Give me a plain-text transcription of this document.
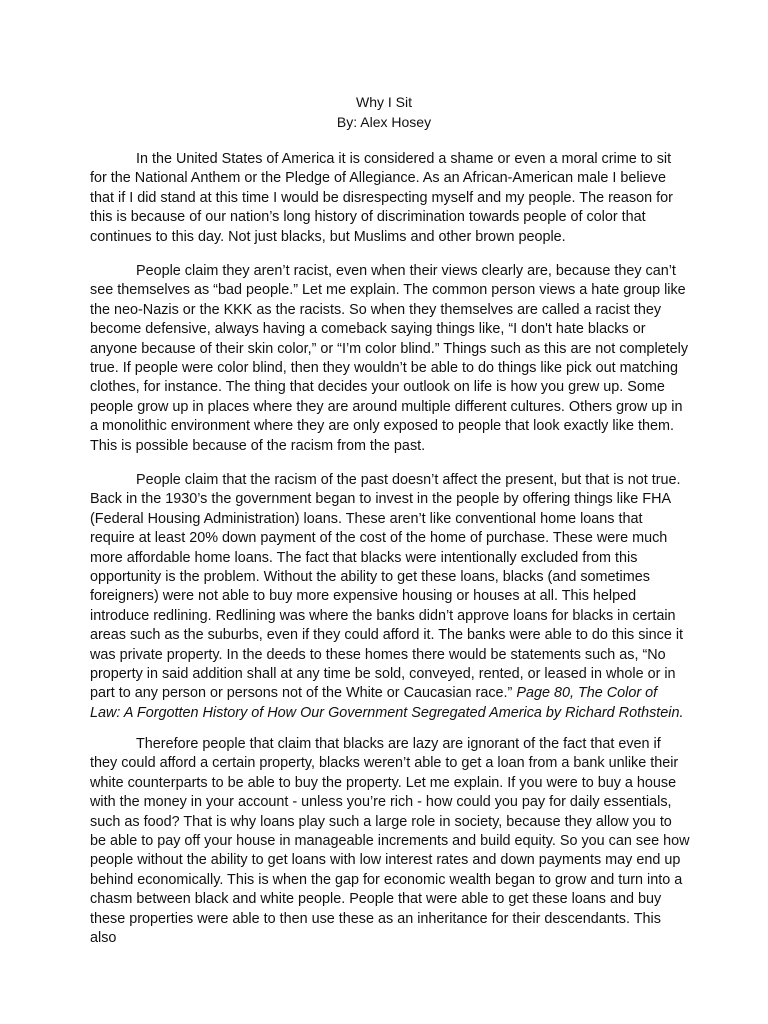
Why I Sit
By: Alex Hosey

In the United States of America it is considered a shame or even a moral crime to sit for the National Anthem or the Pledge of Allegiance. As an African-American male I believe that if I did stand at this time I would be disrespecting myself and my people. The reason for this is because of our nation’s long history of discrimination towards people of color that continues to this day. Not just blacks, but Muslims and other brown people.

People claim they aren’t racist, even when their views clearly are, because they can’t see themselves as “bad people.” Let me explain. The common person views a hate group like the neo-Nazis or the KKK as the racists. So when they themselves are called a racist they become defensive, always having a comeback saying things like, “I don't hate blacks or anyone because of their skin color,” or “I’m color blind.” Things such as this are not completely true. If people were color blind, then they wouldn’t be able to do things like pick out matching clothes, for instance. The thing that decides your outlook on life is how you grew up. Some people grow up in places where they are around multiple different cultures. Others grow up in a monolithic environment where they are only exposed to people that look exactly like them. This is possible because of the racism from the past.

People claim that the racism of the past doesn’t affect the present, but that is not true. Back in the 1930’s the government began to invest in the people by offering things like FHA (Federal Housing Administration) loans. These aren’t like conventional home loans that require at least 20% down payment of the cost of the home of purchase. These were much more affordable home loans. The fact that blacks were intentionally excluded from this opportunity is the problem. Without the ability to get these loans, blacks (and sometimes foreigners) were not able to buy more expensive housing or houses at all. This helped introduce redlining. Redlining was where the banks didn’t approve loans for blacks in certain areas such as the suburbs, even if they could afford it. The banks were able to do this since it was private property. In the deeds to these homes there would be statements such as, “No property in said addition shall at any time be sold, conveyed, rented, or leased in whole or in part to any person or persons not of the White or Caucasian race.” Page 80, The Color of Law: A Forgotten History of How Our Government Segregated America by Richard Rothstein.

Therefore people that claim that blacks are lazy are ignorant of the fact that even if they could afford a certain property, blacks weren’t able to get a loan from a bank unlike their white counterparts to be able to buy the property. Let me explain. If you were to buy a house with the money in your account - unless you’re rich - how could you pay for daily essentials, such as food? That is why loans play such a large role in society, because they allow you to be able to pay off your house in manageable increments and build equity. So you can see how people without the ability to get loans with low interest rates and down payments may end up behind economically. This is when the gap for economic wealth began to grow and turn into a chasm between black and white people. People that were able to get these loans and buy these properties were able to then use these as an inheritance for their descendants. This also
